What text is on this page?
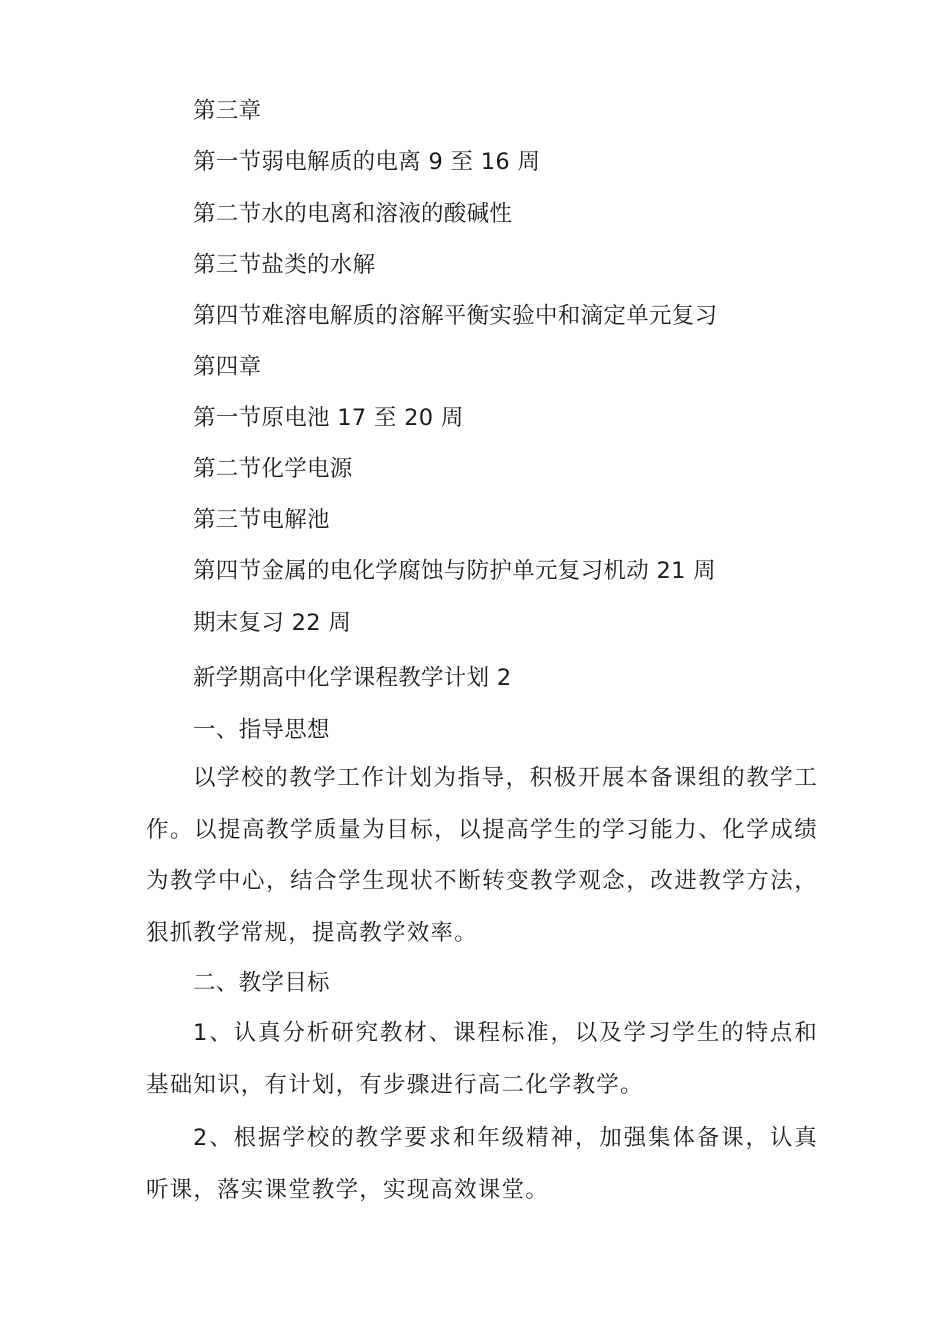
第三章
第一节弱电解质的电离 9 至 16 周
第二节水的电离和溶液的酸碱性
第三节盐类的水解
第四节难溶电解质的溶解平衡实验中和滴定单元复习
第四章
第一节原电池 17 至 20 周
第二节化学电源
第三节电解池
第四节金属的电化学腐蚀与防护单元复习机动 21 周
期末复习 22 周
新学期高中化学课程教学计划 2
一、指导思想
以学校的教学工作计划为指导，积极开展本备课组的教学工作。以提高教学质量为目标，以提高学生的学习能力、化学成绩为教学中心，结合学生现状不断转变教学观念，改进教学方法，狠抓教学常规，提高教学效率。
二、教学目标
1、认真分析研究教材、课程标准，以及学习学生的特点和基础知识，有计划，有步骤进行高二化学教学。
2、根据学校的教学要求和年级精神，加强集体备课，认真听课，落实课堂教学，实现高效课堂。
